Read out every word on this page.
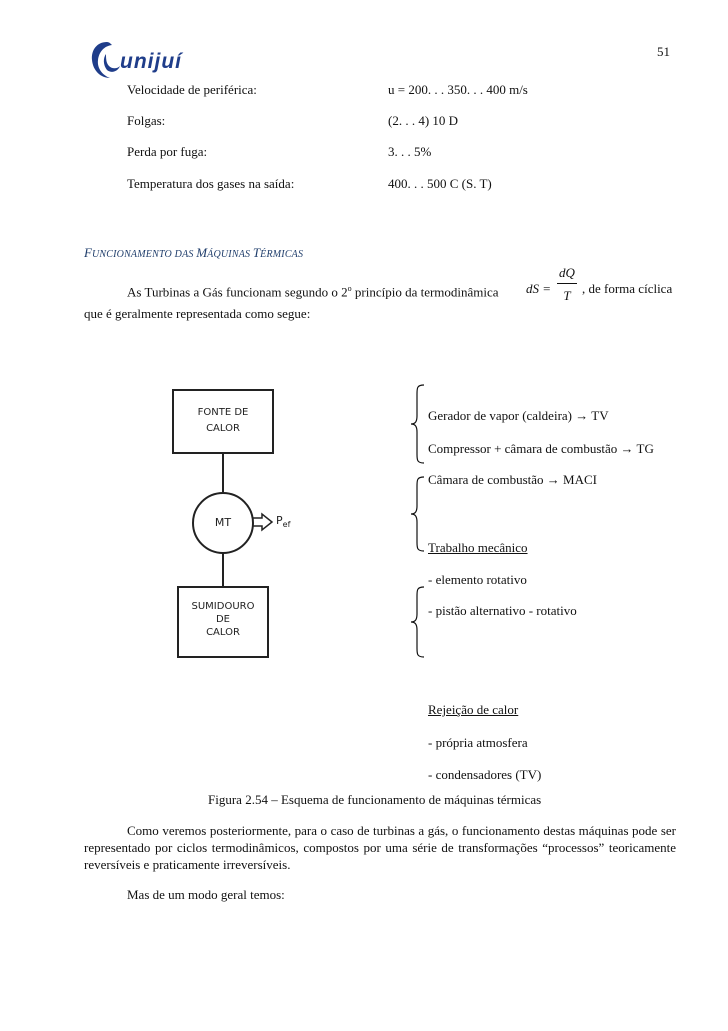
51
unijuí
Velocidade de periférica:	u = 200. . . 350. . . 400 m/s
Folgas:	(2. . . 4) 10 D
Perda por fuga:	3. . . 5%
Temperatura dos gases na saída:	400. . . 500 C (S. T)
FUNCIONAMENTO DAS MÁQUINAS TÉRMICAS
As Turbinas a Gás funcionam segundo o 2$^o$ princípio da termodinâmica dS =
dQ
T , de forma cíclica
que é geralmente representada como segue:
FONTE DE
CALOR
MT	$P_{ef}$
SUMIDOURO
DE
CALOR
Gerador de vapor (caldeira) → TV
Compressor + câmara de combustão → TG
Câmara de combustão → MACI
Trabalho mecânico
- elemento rotativo
- pistão alternativo - rotativo
Rejeição de calor
- própria atmosfera
- condensadores (TV)
Figura 2.54 – Esquema de funcionamento de máquinas térmicas
Como veremos posteriormente, para o caso de turbinas a gás, o funcionamento destas máquinas pode ser representado por ciclos termodinâmicos, compostos por uma série de transformações “processos” teoricamente reversíveis e praticamente irreversíveis.
Mas de um modo geral temos:
